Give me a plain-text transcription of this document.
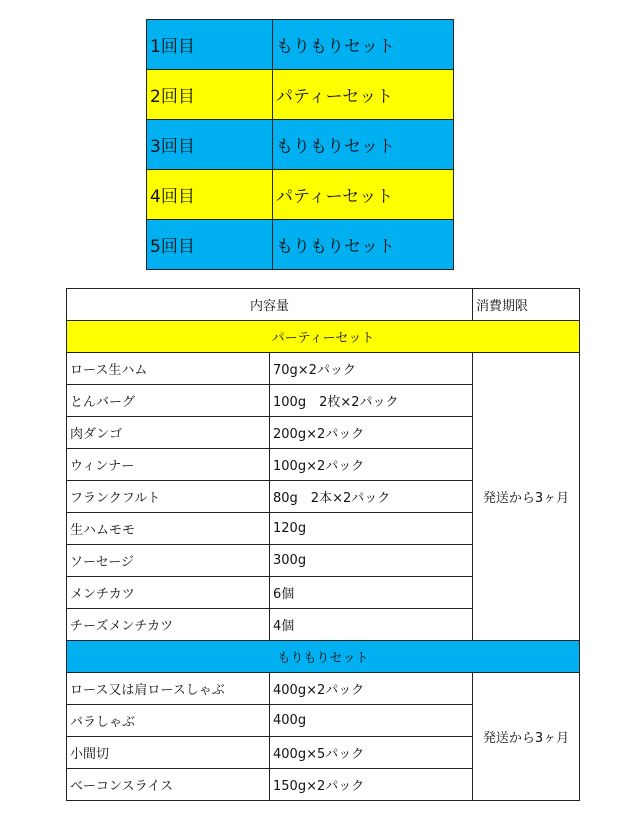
1回目	もりもりセット
2回目	パティーセット
3回目	もりもりセット
4回目	パティーセット
5回目	もりもりセット
内容量		消費期限
パーティーセット		
ロース生ハム	70g×2パック	発送から3ヶ月
とんバーグ	100g　2枚×2パック	
肉ダンゴ	200g×2パック	
ウィンナー	100g×2パック	
フランクフルト	80g　2本×2パック	
生ハムモモ	120g	
ソーセージ	300g	
メンチカツ	6個	
チーズメンチカツ	4個	
もりもりセット		
ロース又は肩ロースしゃぶ	400g×2パック	発送から3ヶ月
バラしゃぶ	400g	
小間切	400g×5パック	
ベーコンスライス	150g×2パック	
